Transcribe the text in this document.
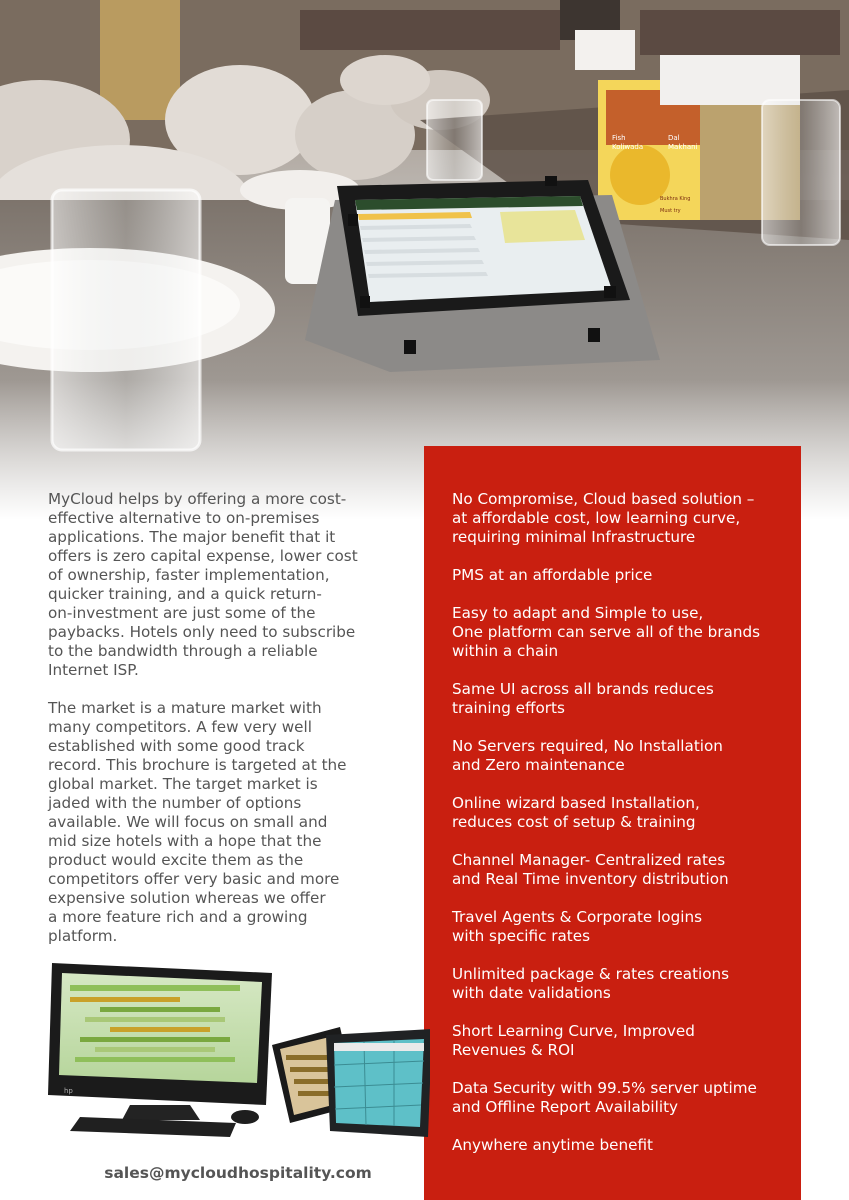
Fish
Koliwada
Dal
Makhani
Bukhra King
Must try

MyCloud helps by offering a more cost-
effective alternative to on-premises
applications. The major benefit that it
offers is zero capital expense, lower cost
of ownership, faster implementation,
quicker training, and a quick return-
on-investment are just some of the
paybacks. Hotels only need to subscribe
to the bandwidth through a reliable
Internet ISP.

The market is a mature market with
many competitors. A few very well
established with some good track
record. This brochure is targeted at the
global market. The target market is
jaded with the number of options
available. We will focus on small and
mid size hotels with a hope that the
product would excite them as the
competitors offer very basic and more
expensive solution whereas we offer
a more feature rich and a growing
platform.

No Compromise, Cloud based solution –
at affordable cost, low learning curve,
requiring minimal Infrastructure
PMS at an affordable price
Easy to adapt and Simple to use,
One platform can serve all of the brands
within a chain
Same UI across all brands reduces
training efforts
No Servers required, No Installation
and Zero maintenance
Online wizard based Installation,
reduces cost of setup & training
Channel Manager- Centralized rates
and Real Time inventory distribution
Travel Agents & Corporate logins
with specific rates
Unlimited package & rates creations
with date validations
Short Learning Curve, Improved
Revenues & ROI
Data Security with 99.5% server uptime
and Offline Report Availability
Anywhere anytime benefit
hp
sales@mycloudhospitality.com
